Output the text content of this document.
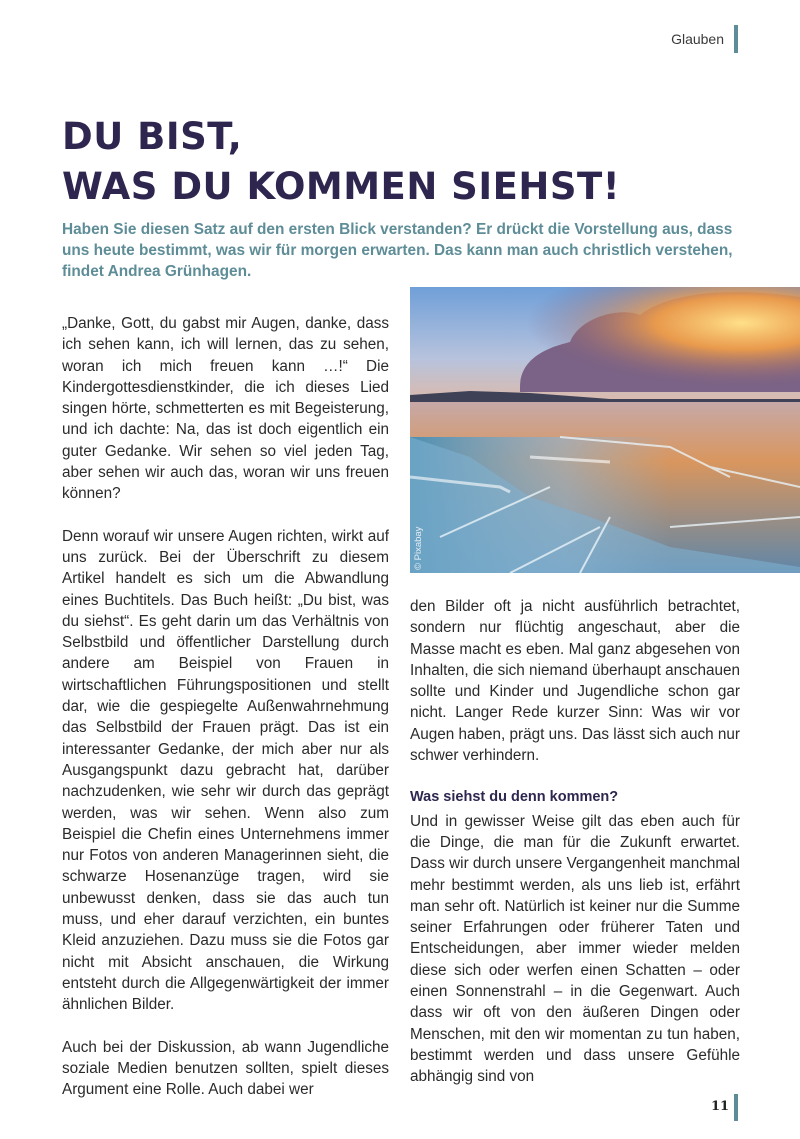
Glauben
DU BIST,
WAS DU KOMMEN SIEHST!

Haben Sie diesen Satz auf den ersten Blick verstanden? Er drückt die Vorstellung aus, dass uns heute bestimmt, was wir für morgen erwarten. Das kann man auch christlich verstehen, findet Andrea Grünhagen.

„Danke, Gott, du gabst mir Augen, danke, dass ich sehen kann, ich will lernen, das zu sehen, woran ich mich freuen kann …!“ Die Kindergottesdienstkinder, die ich dieses Lied singen hörte, schmetterten es mit Begeisterung, und ich dachte: Na, das ist doch eigentlich ein guter Gedanke. Wir sehen so viel jeden Tag, aber sehen wir auch das, woran wir uns freuen können?

Denn worauf wir unsere Augen richten, wirkt auf uns zurück. Bei der Überschrift zu diesem Artikel handelt es sich um die Abwandlung eines Buchtitels. Das Buch heißt: „Du bist, was du siehst“. Es geht darin um das Verhältnis von Selbstbild und öffentlicher Darstellung durch andere am Beispiel von Frauen in wirtschaftlichen Führungspositionen und stellt dar, wie die gespiegelte Außenwahrnehmung das Selbstbild der Frauen prägt. Das ist ein interessanter Gedanke, der mich aber nur als Ausgangspunkt dazu gebracht hat, darüber nachzudenken, wie sehr wir durch das geprägt werden, was wir sehen. Wenn also zum Beispiel die Chefin eines Unternehmens immer nur Fotos von anderen Managerinnen sieht, die schwarze Hosenanzüge tragen, wird sie unbewusst denken, dass sie das auch tun muss, und eher darauf verzichten, ein buntes Kleid anzuziehen. Dazu muss sie die Fotos gar nicht mit Absicht anschauen, die Wirkung entsteht durch die Allgegenwärtigkeit der immer ähnlichen Bilder.

Auch bei der Diskussion, ab wann Jugendliche soziale Medien benutzen sollten, spielt dieses Argument eine Rolle. Auch dabei wer

© Pixabay

den Bilder oft ja nicht ausführlich betrachtet, sondern nur flüchtig angeschaut, aber die Masse macht es eben. Mal ganz abgesehen von Inhalten, die sich niemand überhaupt anschauen sollte und Kinder und Jugendliche schon gar nicht. Langer Rede kurzer Sinn: Was wir vor Augen haben, prägt uns. Das lässt sich auch nur schwer verhindern.

Was siehst du denn kommen?

Und in gewisser Weise gilt das eben auch für die Dinge, die man für die Zukunft erwartet. Dass wir durch unsere Vergangenheit manchmal mehr bestimmt werden, als uns lieb ist, erfährt man sehr oft. Natürlich ist keiner nur die Summe seiner Erfahrungen oder früherer Taten und Entscheidungen, aber immer wieder melden diese sich oder werfen einen Schatten – oder einen Sonnenstrahl – in die Gegenwart. Auch dass wir oft von den äußeren Dingen oder Menschen, mit den wir momentan zu tun haben, bestimmt werden und dass unsere Gefühle abhängig sind von

11
